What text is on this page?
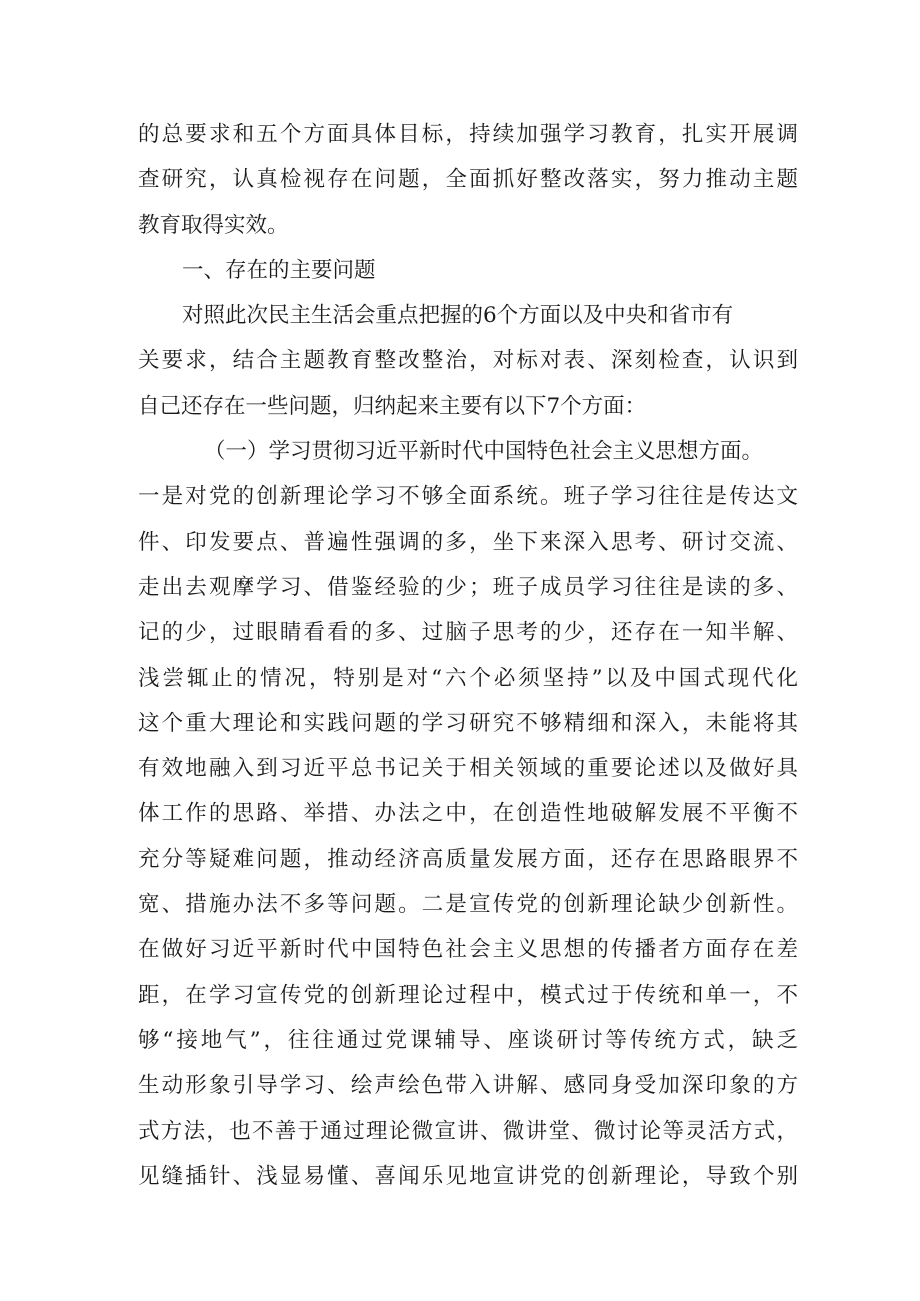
的总要求和五个方面具体目标，持续加强学习教育，扎实开展调
查研究，认真检视存在问题，全面抓好整改落实，努力推动主题
教育取得实效。
一、存在的主要问题
对照此次民主生活会重点把握的6个方面以及中央和省市有
关要求，结合主题教育整改整治，对标对表、深刻检查，认识到
自己还存在一些问题，归纳起来主要有以下7个方面：
（一）学习贯彻习近平新时代中国特色社会主义思想方面。
一是对党的创新理论学习不够全面系统。班子学习往往是传达文
件、印发要点、普遍性强调的多，坐下来深入思考、研讨交流、
走出去观摩学习、借鉴经验的少；班子成员学习往往是读的多、
记的少，过眼睛看看的多、过脑子思考的少，还存在一知半解、
浅尝辄止的情况，特别是对“六个必须坚持”以及中国式现代化
这个重大理论和实践问题的学习研究不够精细和深入，未能将其
有效地融入到习近平总书记关于相关领域的重要论述以及做好具
体工作的思路、举措、办法之中，在创造性地破解发展不平衡不
充分等疑难问题，推动经济高质量发展方面，还存在思路眼界不
宽、措施办法不多等问题。二是宣传党的创新理论缺少创新性。
在做好习近平新时代中国特色社会主义思想的传播者方面存在差
距，在学习宣传党的创新理论过程中，模式过于传统和单一，不
够“接地气”，往往通过党课辅导、座谈研讨等传统方式，缺乏
生动形象引导学习、绘声绘色带入讲解、感同身受加深印象的方
式方法，也不善于通过理论微宣讲、微讲堂、微讨论等灵活方式，
见缝插针、浅显易懂、喜闻乐见地宣讲党的创新理论，导致个别
